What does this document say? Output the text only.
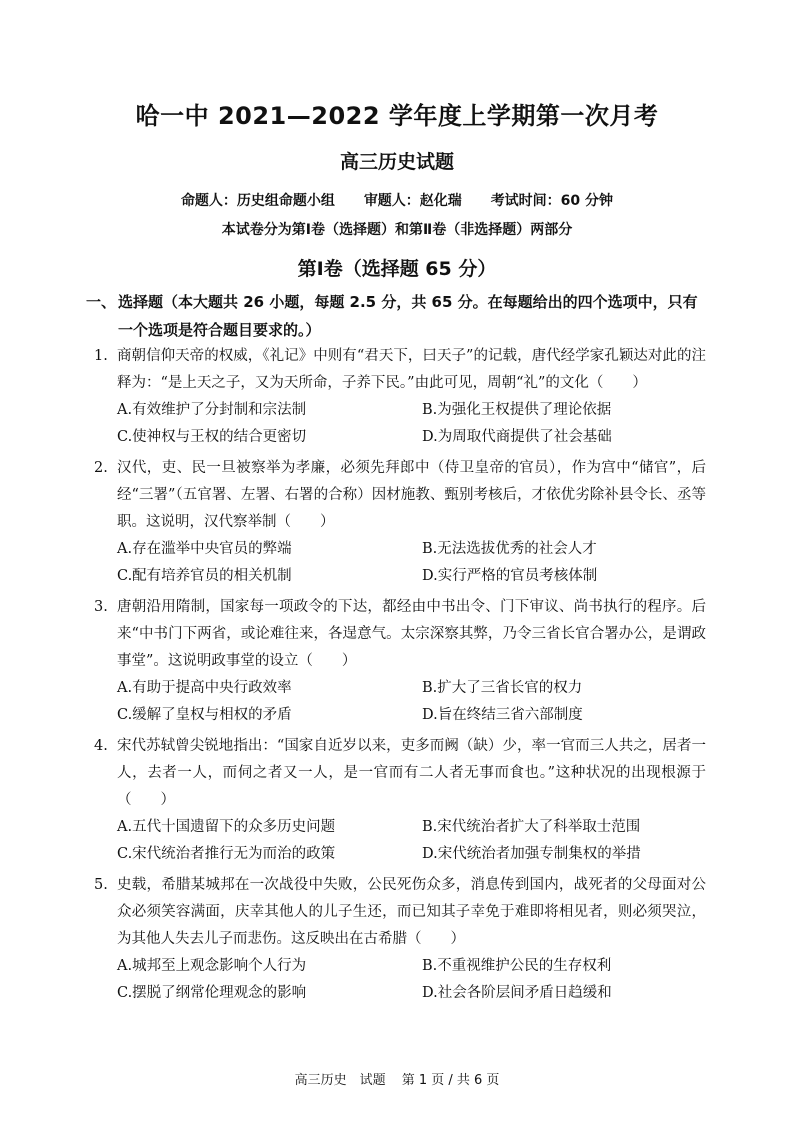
哈一中 2021—2022 学年度上学期第一次月考
高三历史试题
命题人：历史组命题小组 审题人：赵化瑞 考试时间：60 分钟
本试卷分为第Ⅰ卷（选择题）和第Ⅱ卷（非选择题）两部分
第Ⅰ卷（选择题 65 分）
一、 选择题（本大题共 26 小题，每题 2.5 分，共 65 分。在每题给出的四个选项中，只有一个选项是符合题目要求的。）
1. 商朝信仰天帝的权威，《礼记》中则有“君天下，曰天子”的记载，唐代经学家孔颖达对此的注释为：“是上天之子，又为天所命，子养下民。”由此可见，周朝“礼”的文化（　　）
A.有效维护了分封制和宗法制	B.为强化王权提供了理论依据
C.使神权与王权的结合更密切	D.为周取代商提供了社会基础
2. 汉代，吏、民一旦被察举为孝廉，必须先拜郎中（侍卫皇帝的官员），作为宫中“储官”，后经“三署”（五官署、左署、右署的合称）因材施教、甄别考核后，才依优劣除补县令长、丞等职。这说明，汉代察举制（　　）
A.存在滥举中央官员的弊端	B.无法选拔优秀的社会人才
C.配有培养官员的相关机制	D.实行严格的官员考核体制
3. 唐朝沿用隋制，国家每一项政令的下达，都经由中书出令、门下审议、尚书执行的程序。后来“中书门下两省，或论难往来，各逞意气。太宗深察其弊，乃令三省长官合署办公，是谓政事堂”。这说明政事堂的设立（　　）
A.有助于提高中央行政效率	B.扩大了三省长官的权力
C.缓解了皇权与相权的矛盾	D.旨在终结三省六部制度
4. 宋代苏轼曾尖锐地指出：“国家自近岁以来，吏多而阙（缺）少，率一官而三人共之，居者一人，去者一人，而伺之者又一人，是一官而有二人者无事而食也。”这种状况的出现根源于（　　）
A.五代十国遗留下的众多历史问题	B.宋代统治者扩大了科举取士范围
C.宋代统治者推行无为而治的政策	D.宋代统治者加强专制集权的举措
5. 史载，希腊某城邦在一次战役中失败，公民死伤众多，消息传到国内，战死者的父母面对公众必须笑容满面，庆幸其他人的儿子生还，而已知其子幸免于难即将相见者，则必须哭泣，为其他人失去儿子而悲伤。这反映出在古希腊（　　）
A.城邦至上观念影响个人行为	B.不重视维护公民的生存权利
C.摆脱了纲常伦理观念的影响	D.社会各阶层间矛盾日趋缓和
高三历史　试题 第 1 页 / 共 6 页
